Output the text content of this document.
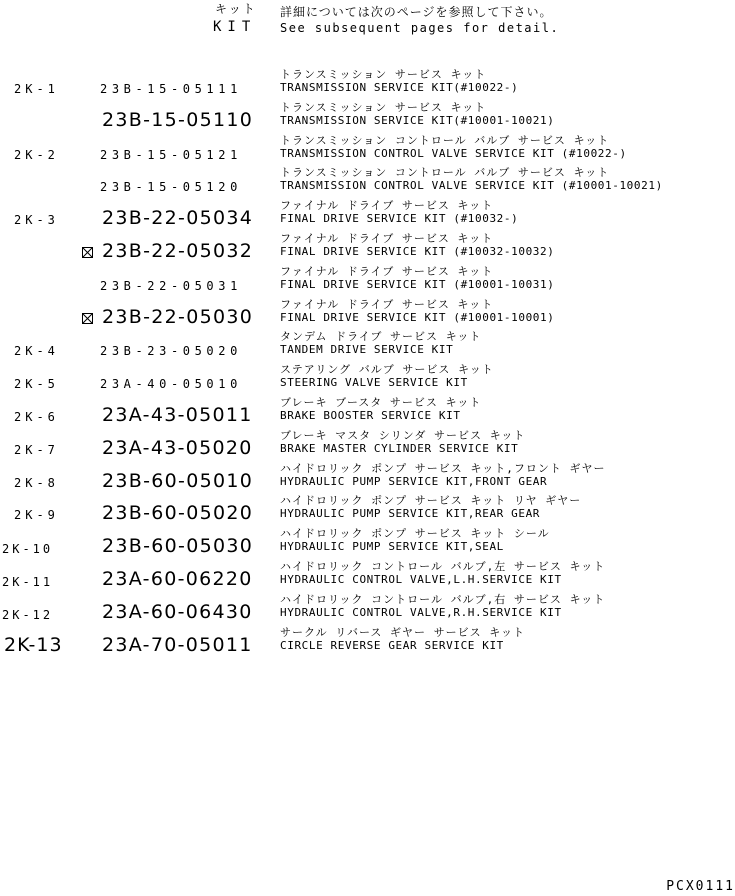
キット
KIT
詳細については次のページを参照して下さい。
See subsequent pages for detail.
トランスミッション サービス キット
TRANSMISSION SERVICE KIT(#10022-)
23B-15-05111
2K-1
トランスミッション サービス キット
TRANSMISSION SERVICE KIT(#10001-10021)
23B-15-05110
トランスミッション コントロール バルブ サービス キット
TRANSMISSION CONTROL VALVE SERVICE KIT (#10022-)
23B-15-05121
2K-2
トランスミッション コントロール バルブ サービス キット
TRANSMISSION CONTROL VALVE SERVICE KIT (#10001-10021)
23B-15-05120
ファイナル ドライブ サービス キット
FINAL DRIVE SERVICE KIT (#10032-)
23B-22-05034
2K-3
ファイナル ドライブ サービス キット
FINAL DRIVE SERVICE KIT (#10032-10032)
23B-22-05032
ファイナル ドライブ サービス キット
FINAL DRIVE SERVICE KIT (#10001-10031)
23B-22-05031
ファイナル ドライブ サービス キット
FINAL DRIVE SERVICE KIT (#10001-10001)
23B-22-05030
タンデム ドライブ サービス キット
TANDEM DRIVE SERVICE KIT
23B-23-05020
2K-4
ステアリング バルブ サービス キット
STEERING VALVE SERVICE KIT
23A-40-05010
2K-5
ブレーキ ブースタ サービス キット
BRAKE BOOSTER SERVICE KIT
23A-43-05011
2K-6
ブレーキ マスタ シリンダ サービス キット
BRAKE MASTER CYLINDER SERVICE KIT
23A-43-05020
2K-7
ハイドロリック ポンプ サービス キット,フロント ギヤー
HYDRAULIC PUMP SERVICE KIT,FRONT GEAR
23B-60-05010
2K-8
ハイドロリック ポンプ サービス キット リヤ ギヤー
HYDRAULIC PUMP SERVICE KIT,REAR GEAR
23B-60-05020
2K-9
ハイドロリック ポンプ サービス キット シール
HYDRAULIC PUMP SERVICE KIT,SEAL
23B-60-05030
2K-10
ハイドロリック コントロール バルブ,左 サービス キット
HYDRAULIC CONTROL VALVE,L.H.SERVICE KIT
23A-60-06220
2K-11
ハイドロリック コントロール バルブ,右 サービス キット
HYDRAULIC CONTROL VALVE,R.H.SERVICE KIT
23A-60-06430
2K-12
サークル リバース ギヤー サービス キット
CIRCLE REVERSE GEAR SERVICE KIT
23A-70-05011
2K-13
PCX0111
